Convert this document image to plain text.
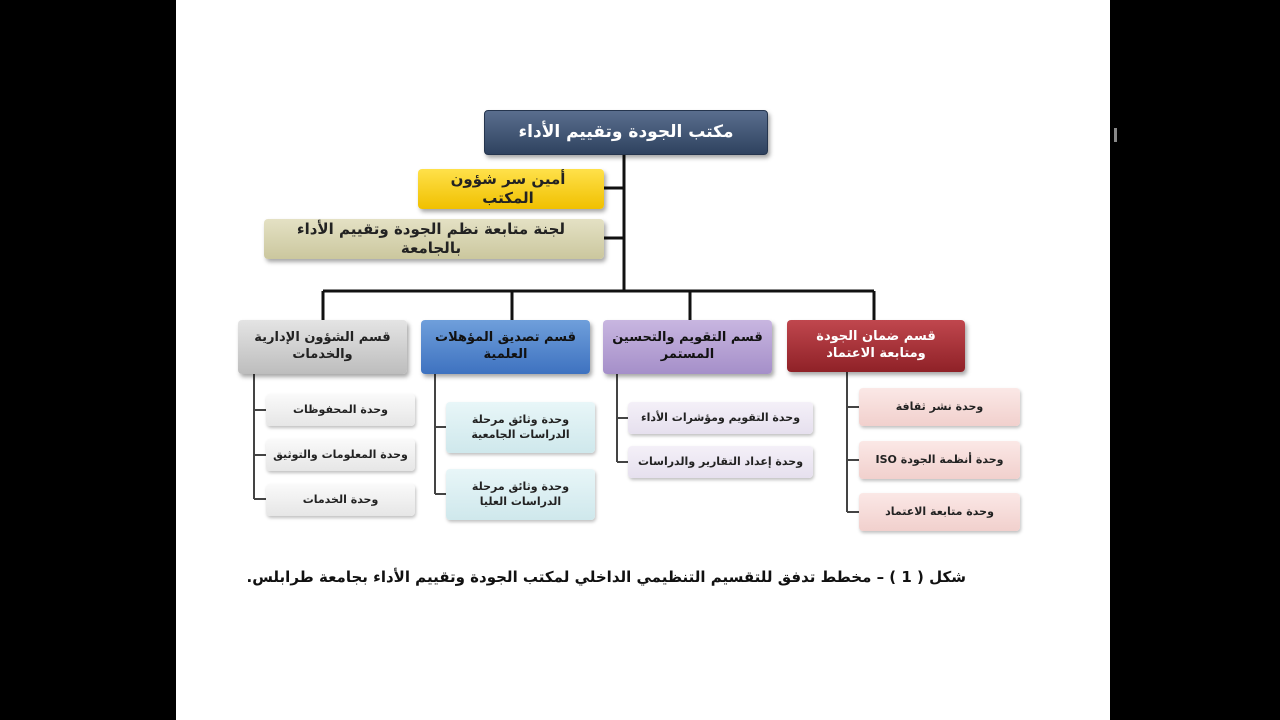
مكتب الجودة وتقييم الأداء
أمين سر شؤون المكتب
لجنة متابعة نظم الجودة وتقييم الأداء بالجامعة
قسم الشؤون الإدارية والخدمات
قسم تصديق المؤهلات العلمية
قسم التقويم والتحسين المستمر
قسم ضمان الجودة ومتابعة الاعتماد
وحدة المحفوظات
وحدة المعلومات والتوثيق
وحدة الخدمات
وحدة وثائق مرحلة الدراسات الجامعية
وحدة وثائق مرحلة الدراسات العليا
وحدة التقويم ومؤشرات الأداء
وحدة إعداد التقارير والدراسات
وحدة نشر ثقافة
وحدة أنظمة الجودة ISO
وحدة متابعة الاعتماد
شكل ( 1 ) – مخطط تدفق للتقسيم التنظيمي الداخلي لمكتب الجودة وتقييم الأداء بجامعة طرابلس.
